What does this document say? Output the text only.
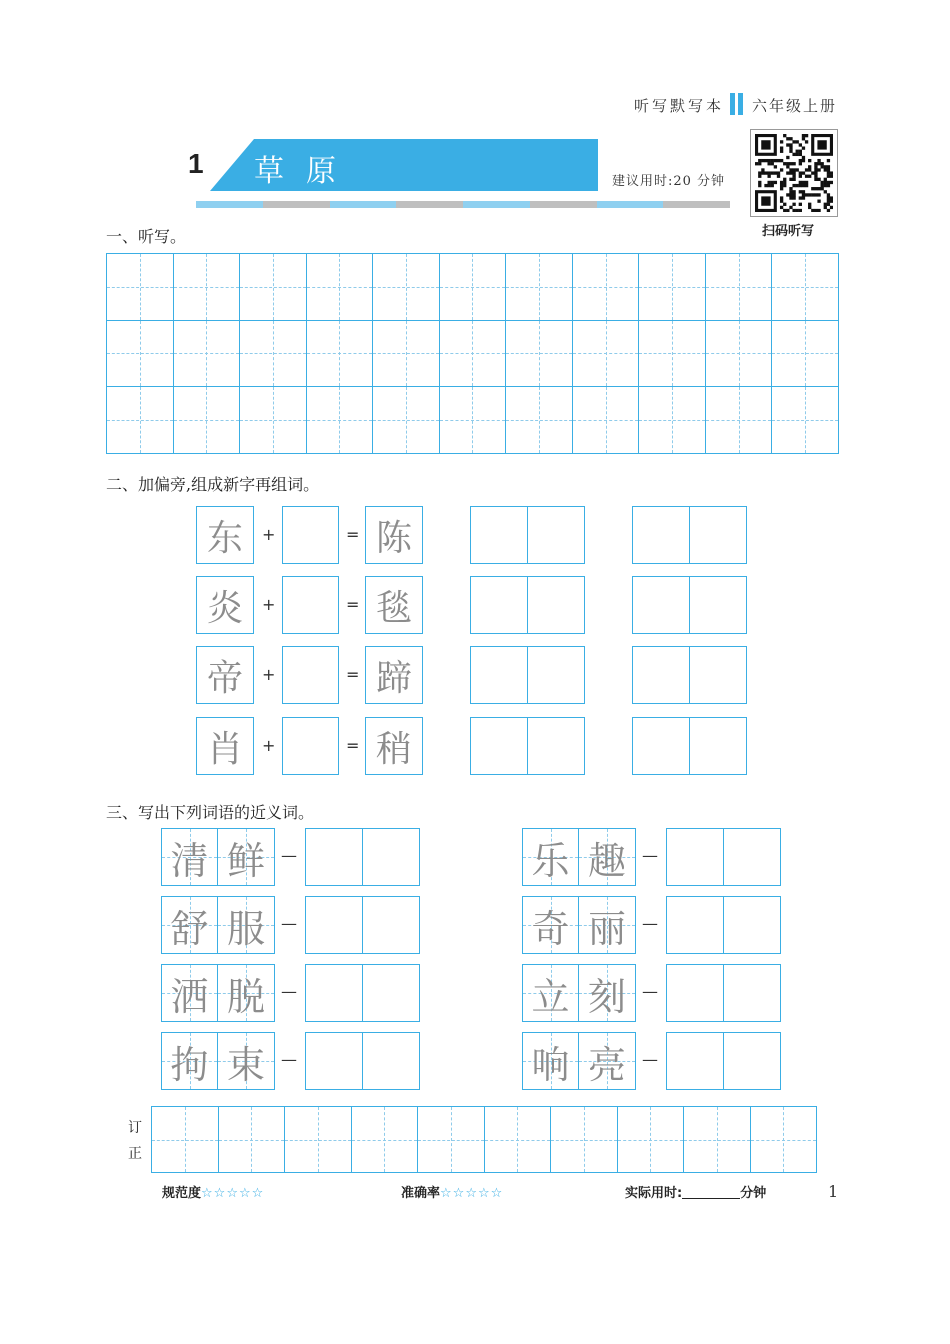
听写默写本 六年级上册
1 草原	建议用时:20 分钟
扫码听写
一、听写。
二、加偏旁,组成新字再组词。
东	+	= 陈
炎	+	= 毯
帝	+	= 蹄
肖	+	= 稍
三、写出下列词语的近义词。
清 鲜	—
舒 服	—
洒 脱	—
拘 束	—
乐 趣	—
奇 丽	—
立 刻	—
响 亮	—
订
正
规范度☆☆☆☆☆	准确率☆☆☆☆☆	实际用时:	分钟	1
